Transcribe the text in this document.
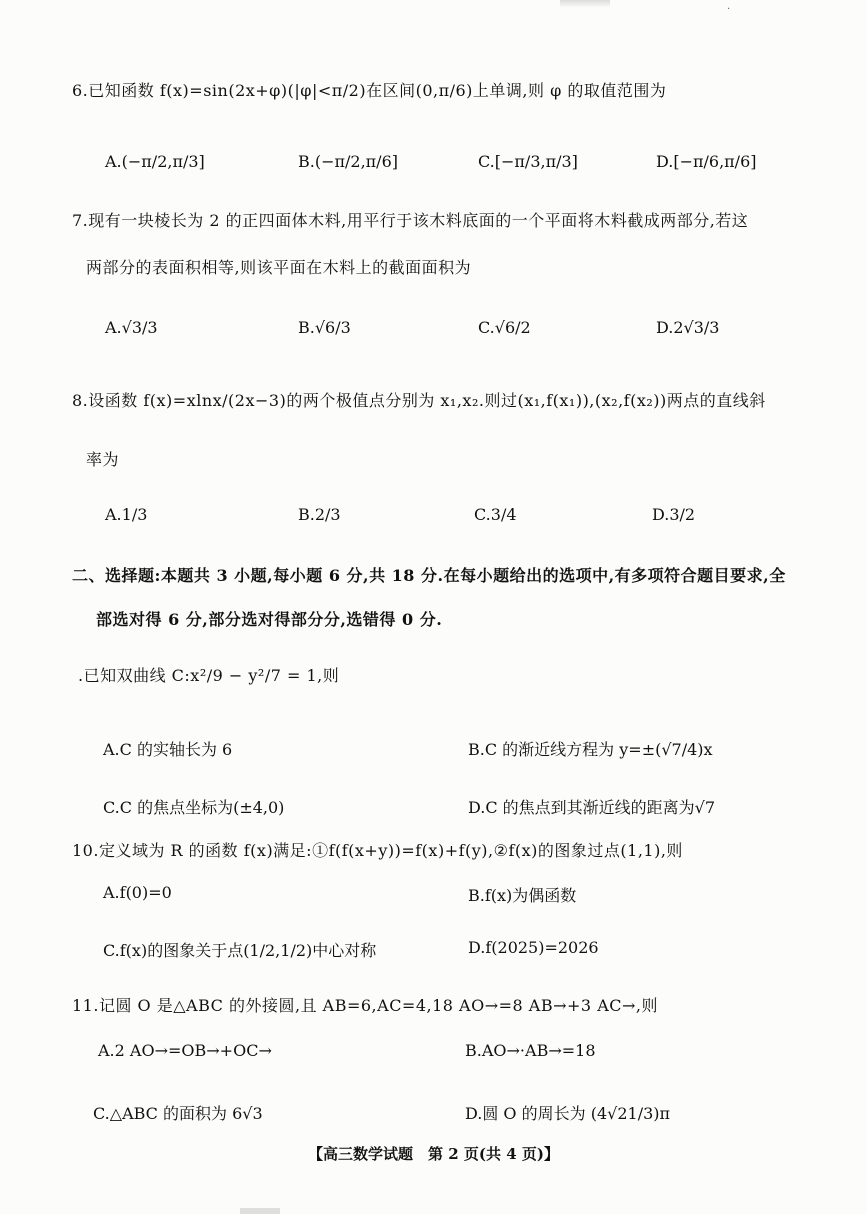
·
6.已知函数 f(x)=sin(2x+φ)(|φ|<π/2)在区间(0,π/6)上单调,则 φ 的取值范围为
A.(−π/2,π/3]	B.(−π/2,π/6]	C.[−π/3,π/3]	D.[−π/6,π/6]
7.现有一块棱长为 2 的正四面体木料,用平行于该木料底面的一个平面将木料截成两部分,若这
两部分的表面积相等,则该平面在木料上的截面面积为
A.√3/3	B.√6/3	C.√6/2	D.2√3/3
8.设函数 f(x)=xlnx/(2x−3)的两个极值点分别为 x₁,x₂.则过(x₁,f(x₁)),(x₂,f(x₂))两点的直线斜
率为
A.1/3	B.2/3	C.3/4	D.3/2
二、选择题:本题共 3 小题,每小题 6 分,共 18 分.在每小题给出的选项中,有多项符合题目要求,全
部选对得 6 分,部分选对得部分分,选错得 0 分.
.已知双曲线 C:x²/9 − y²/7 = 1,则
A.C 的实轴长为 6	B.C 的渐近线方程为 y=±(√7/4)x
C.C 的焦点坐标为(±4,0)	D.C 的焦点到其渐近线的距离为√7
10.定义域为 R 的函数 f(x)满足:①f(f(x+y))=f(x)+f(y),②f(x)的图象过点(1,1),则
A.f(0)=0	B.f(x)为偶函数
C.f(x)的图象关于点(1/2,1/2)中心对称	D.f(2025)=2026
11.记圆 O 是△ABC 的外接圆,且 AB=6,AC=4,18 AO→=8 AB→+3 AC→,则
A.2 AO→=OB→+OC→	B.AO→·AB→=18
C.△ABC 的面积为 6√3	D.圆 O 的周长为 (4√21/3)π
【高三数学试题　第 2 页(共 4 页)】
